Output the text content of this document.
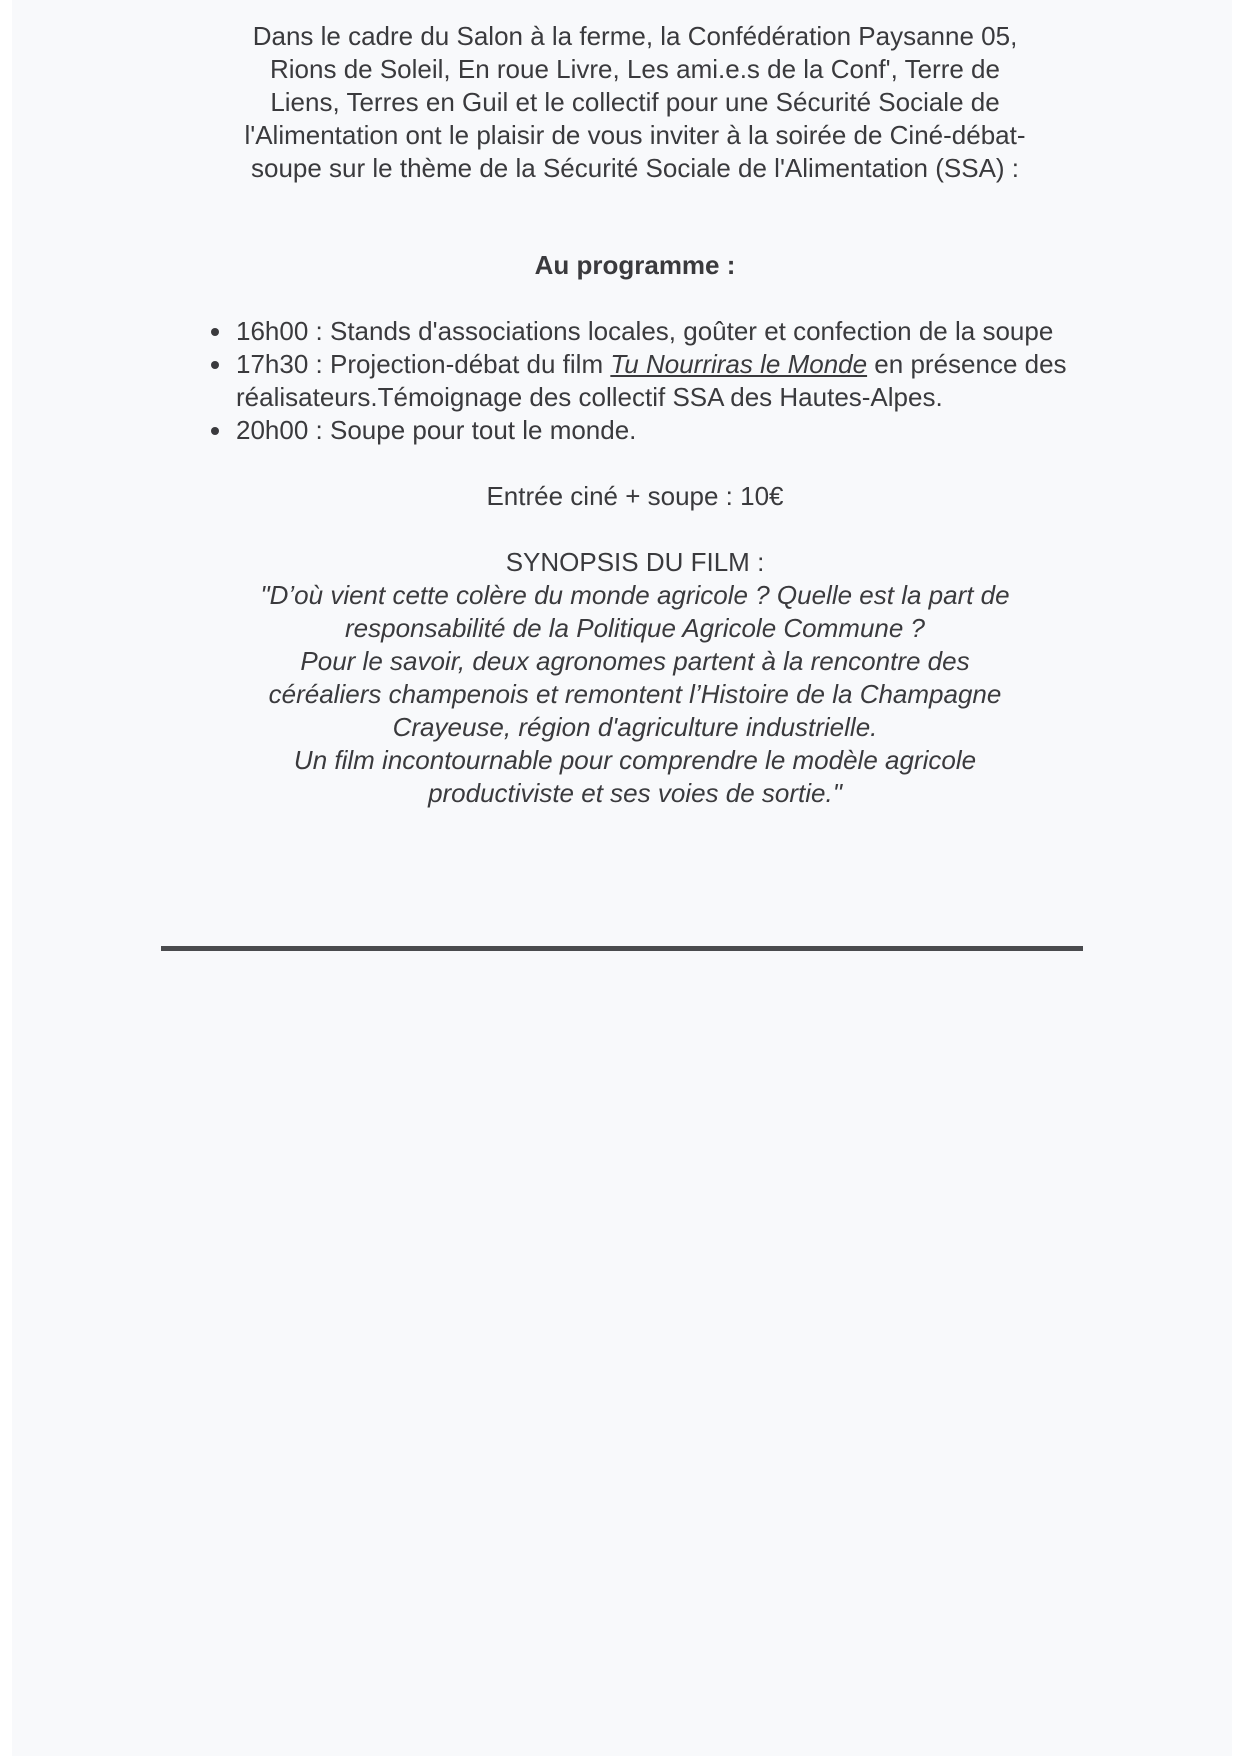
Dans le cadre du Salon à la ferme, la Confédération Paysanne 05,
Rions de Soleil, En roue Livre, Les ami.e.s de la Conf', Terre de
Liens, Terres en Guil et le collectif pour une Sécurité Sociale de
l'Alimentation ont le plaisir de vous inviter à la soirée de Ciné-débat-
soupe sur le thème de la Sécurité Sociale de l'Alimentation (SSA) :

Au programme :

• 16h00 : Stands d'associations locales, goûter et confection de la soupe
• 17h30 : Projection-débat du film Tu Nourriras le Monde en présence des réalisateurs.Témoignage des collectif SSA des Hautes-Alpes.
• 20h00 : Soupe pour tout le monde.

Entrée ciné + soupe : 10€

SYNOPSIS DU FILM :

"D’où vient cette colère du monde agricole ? Quelle est la part de
responsabilité de la Politique Agricole Commune ?
Pour le savoir, deux agronomes partent à la rencontre des
céréaliers champenois et remontent l’Histoire de la Champagne
Crayeuse, région d'agriculture industrielle.
Un film incontournable pour comprendre le modèle agricole
productiviste et ses voies de sortie."
